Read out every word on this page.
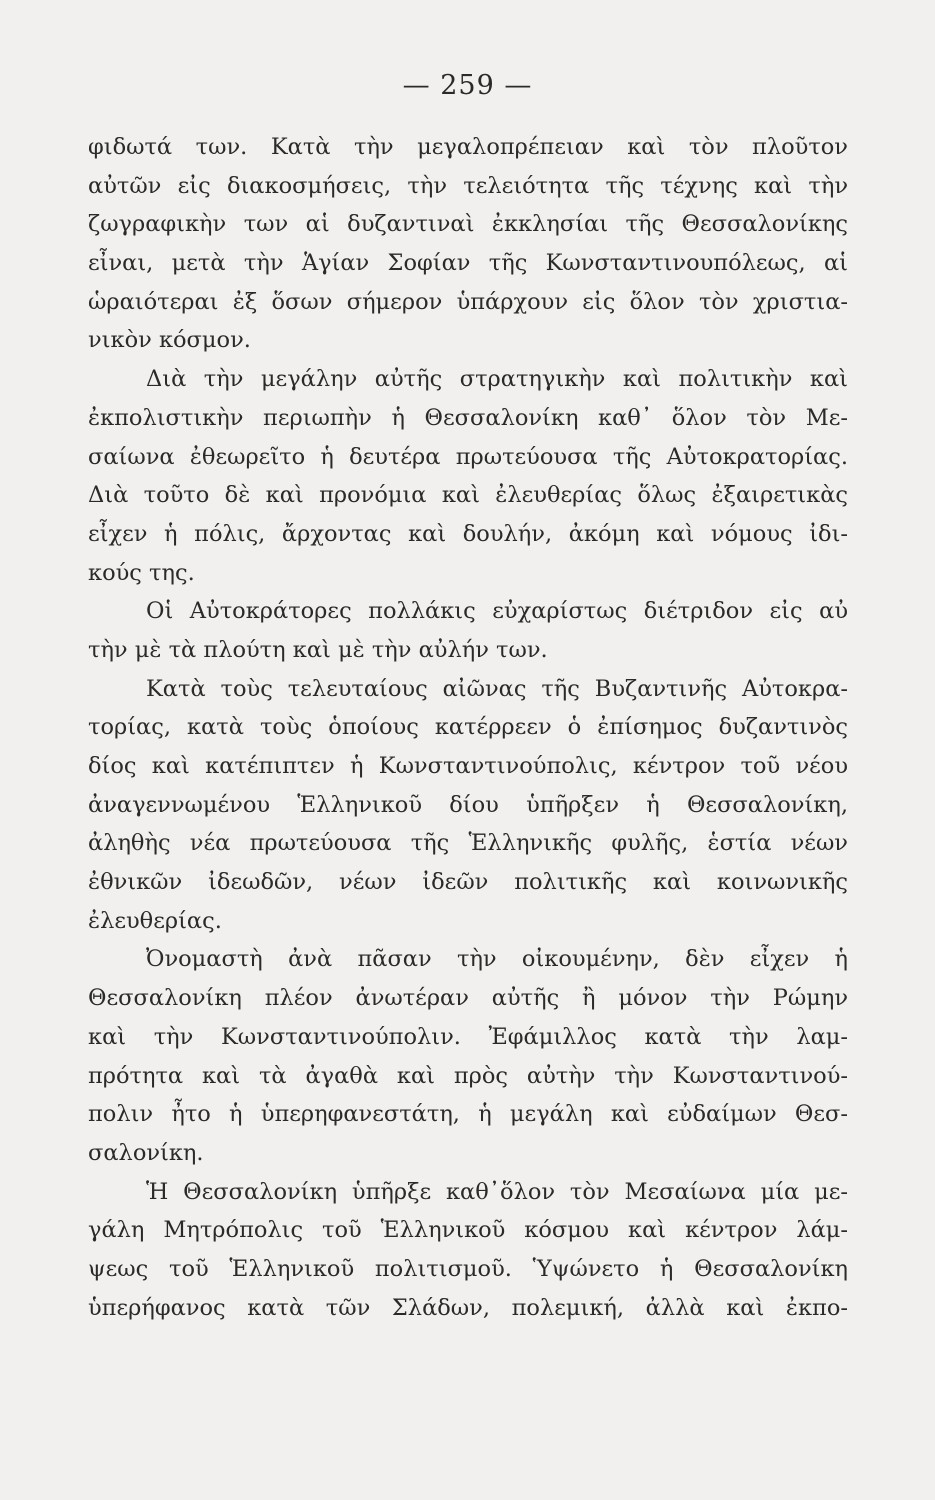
— 259 —
φιδωτά των. Κατὰ τὴν μεγαλοπρέπειαν καὶ τὸν πλοῦτον
αὐτῶν εἰς διακοσμήσεις, τὴν τελειότητα τῆς τέχνης καὶ τὴν
ζωγραφικὴν των αἱ δυζαντιναὶ ἐκκλησίαι τῆς Θεσσαλονίκης
εἶναι, μετὰ τὴν Ἁγίαν Σοφίαν τῆς Κωνσταντινουπόλεως, αἱ
ὡραιότεραι ἐξ ὅσων σήμερον ὑπάρχουν εἰς ὅλον τὸν χριστια-
νικὸν κόσμον.
Διὰ τὴν μεγάλην αὐτῆς στρατηγικὴν καὶ πολιτικὴν καὶ
ἐκπολιστικὴν περιωπὴν ἡ Θεσσαλονίκη καθ᾽ ὅλον τὸν Με-
σαίωνα ἐθεωρεῖτο ἡ δευτέρα πρωτεύουσα τῆς Αὐτοκρατορίας.
Διὰ τοῦτο δὲ καὶ προνόμια καὶ ἐλευθερίας ὅλως ἐξαιρετικὰς
εἶχεν ἡ πόλις, ἄρχοντας καὶ δουλήν, ἀκόμη καὶ νόμους ἰδι-
κούς της.
Οἱ Αὐτοκράτορες πολλάκις εὐχαρίστως διέτριδον εἰς αὐ
τὴν μὲ τὰ πλούτη καὶ μὲ τὴν αὐλήν των.
Κατὰ τοὺς τελευταίους αἰῶνας τῆς Βυζαντινῆς Αὐτοκρα-
τορίας, κατὰ τοὺς ὁποίους κατέρρεεν ὁ ἐπίσημος δυζαντινὸς
δίος καὶ κατέπιπτεν ἡ Κωνσταντινούπολις, κέντρον τοῦ νέου
ἀναγεννωμένου Ἑλληνικοῦ δίου ὑπῆρξεν ἡ Θεσσαλονίκη,
ἀληθὴς νέα πρωτεύουσα τῆς Ἑλληνικῆς φυλῆς, ἑστία νέων
ἐθνικῶν ἰδεωδῶν, νέων ἰδεῶν πολιτικῆς καὶ κοινωνικῆς
ἐλευθερίας.
Ὀνομαστὴ ἀνὰ πᾶσαν τὴν οἰκουμένην, δὲν εἶχεν ἡ
Θεσσαλονίκη πλέον ἀνωτέραν αὐτῆς ἢ μόνον τὴν Ρώμην
καὶ τὴν Κωνσταντινούπολιν. Ἐφάμιλλος κατὰ τὴν λαμ-
πρότητα καὶ τὰ ἀγαθὰ καὶ πρὸς αὐτὴν τὴν Κωνσταντινού-
πολιν ἦτο ἡ ὑπερηφανεστάτη, ἡ μεγάλη καὶ εὐδαίμων Θεσ-
σαλονίκη.
Ἡ Θεσσαλονίκη ὑπῆρξε καθ᾽ὅλον τὸν Μεσαίωνα μία με-
γάλη Μητρόπολις τοῦ Ἑλληνικοῦ κόσμου καὶ κέντρον λάμ-
ψεως τοῦ Ἑλληνικοῦ πολιτισμοῦ. Ὑψώνετο ἡ Θεσσαλονίκη
ὑπερήφανος κατὰ τῶν Σλάδων, πολεμική, ἀλλὰ καὶ ἐκπο-
